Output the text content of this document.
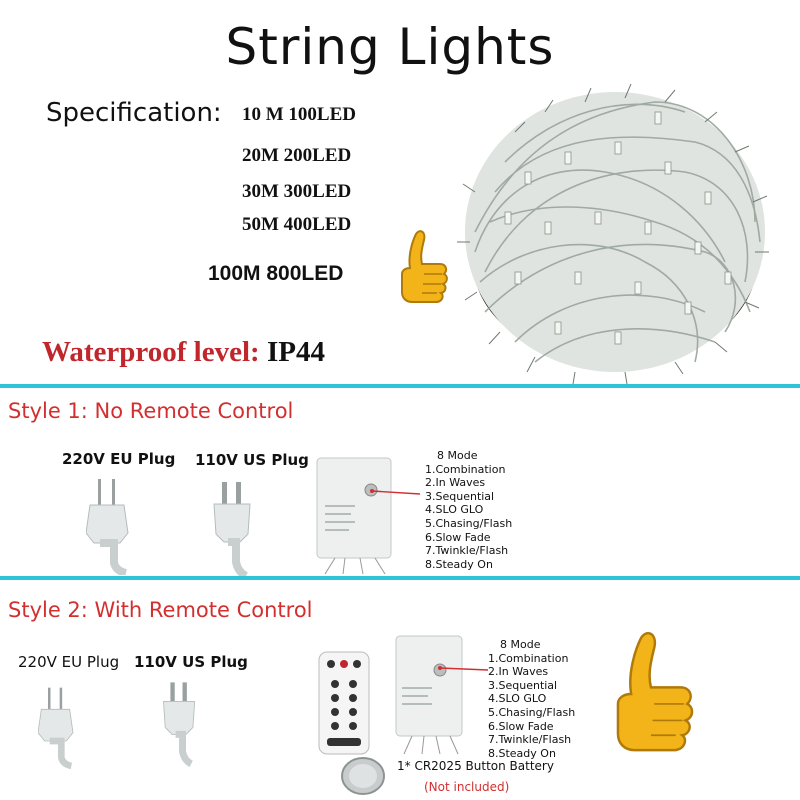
String Lights
Specification: 10 M 100LED
20M 200LED
30M 300LED
50M 400LED
100M 800LED
Waterproof level: IP44
Style 1: No Remote Control
220V EU Plug 110V US Plug	8 Mode
1.Combination
2.In Waves
3.Sequential
4.SLO GLO
5.Chasing/Flash
6.Slow Fade
7.Twinkle/Flash
8.Steady On
Style 2: With Remote Control
220V EU Plug 110V US Plug
8 Mode
1.Combination
2.In Waves
3.Sequential
4.SLO GLO
5.Chasing/Flash
6.Slow Fade
7.Twinkle/Flash
8.Steady On
1* CR2025 Button Battery
(Not included)
